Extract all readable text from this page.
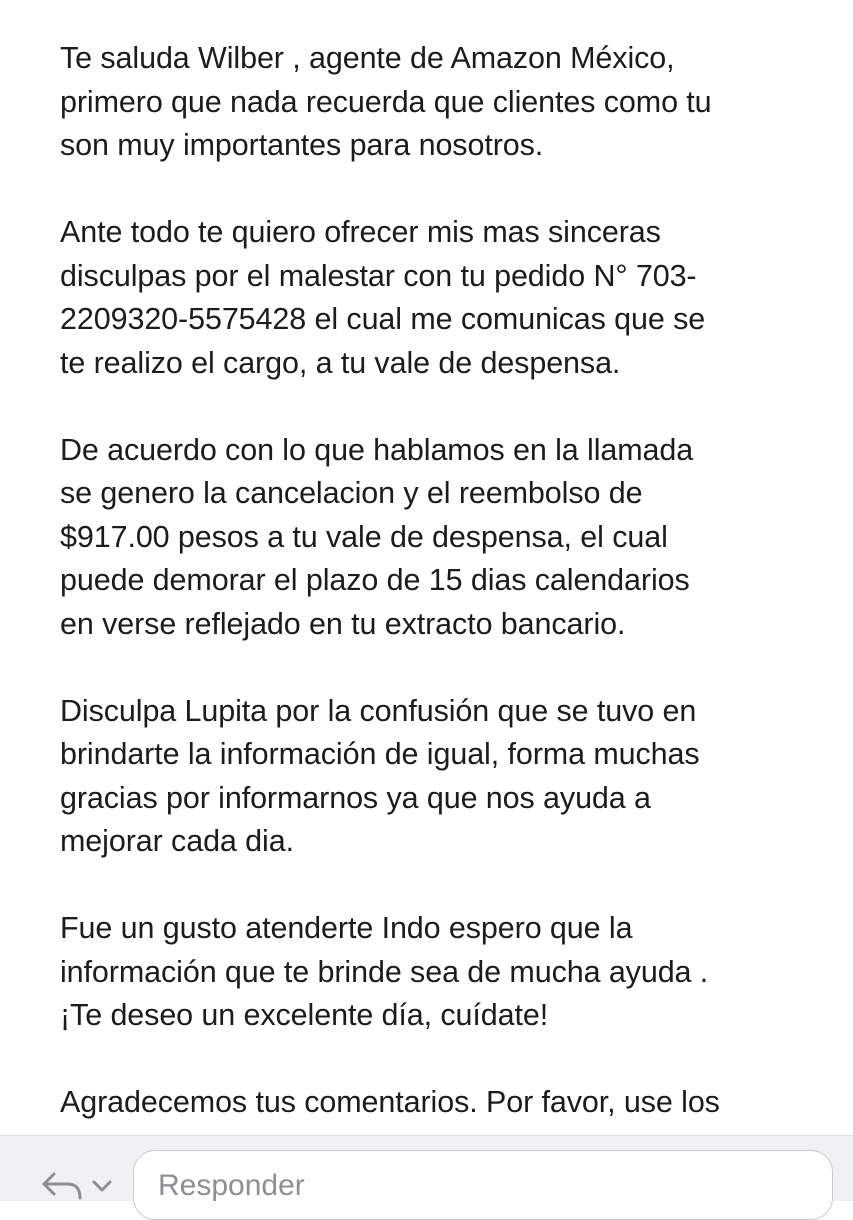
Te saluda Wilber , agente de Amazon México,
primero que nada recuerda que clientes como tu
son muy importantes para nosotros.

Ante todo te quiero ofrecer mis mas sinceras
disculpas por el malestar con tu pedido N° 703-
2209320-5575428 el cual me comunicas que se
te realizo el cargo, a tu vale de despensa.

De acuerdo con lo que hablamos en la llamada
se genero la cancelacion y el reembolso de
$917.00 pesos a tu vale de despensa, el cual
puede demorar el plazo de 15 dias calendarios
en verse reflejado en tu extracto bancario.

Disculpa Lupita por la confusión que se tuvo en
brindarte la información de igual, forma muchas
gracias por informarnos ya que nos ayuda a
mejorar cada dia.

Fue un gusto atenderte Indo espero que la
información que te brinde sea de mucha ayuda .
¡Te deseo un excelente día, cuídate!

Agradecemos tus comentarios. Por favor, use los

Responder
